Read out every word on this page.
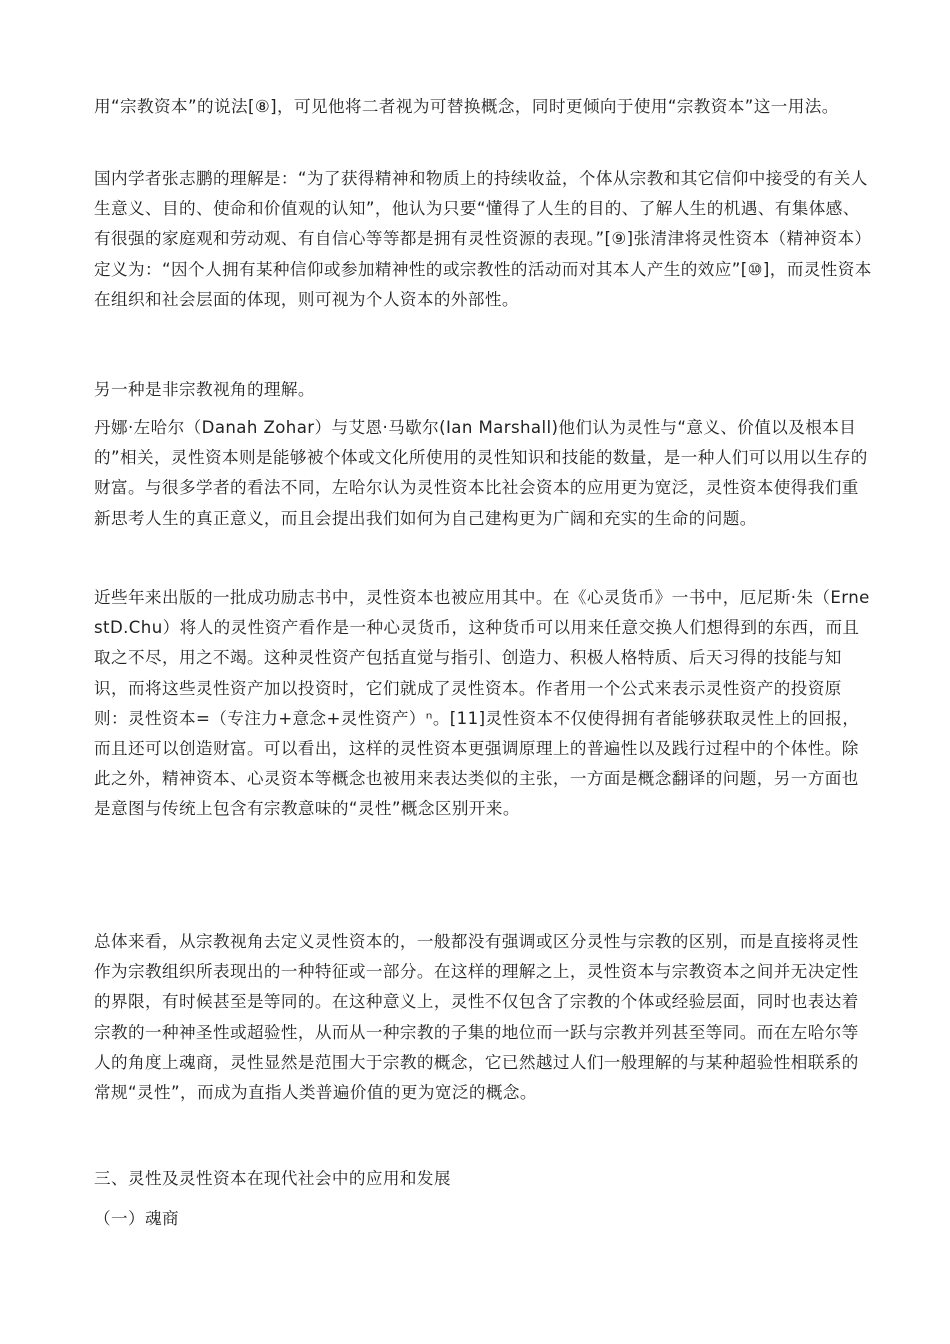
用“宗教资本”的说法[⑧]，可见他将二者视为可替换概念，同时更倾向于使用“宗教资本”这一用法。

国内学者张志鹏的理解是：“为了获得精神和物质上的持续收益，个体从宗教和其它信仰中接受的有关人生意义、目的、使命和价值观的认知”，他认为只要“懂得了人生的目的、了解人生的机遇、有集体感、有很强的家庭观和劳动观、有自信心等等都是拥有灵性资源的表现。”[⑨]张清津将灵性资本（精神资本）定义为：“因个人拥有某种信仰或参加精神性的或宗教性的活动而对其本人产生的效应”[⑩]，而灵性资本在组织和社会层面的体现，则可视为个人资本的外部性。

另一种是非宗教视角的理解。

丹娜·左哈尔（Danah Zohar）与艾恩·马歇尔(Ian Marshall)他们认为灵性与“意义、价值以及根本目的”相关，灵性资本则是能够被个体或文化所使用的灵性知识和技能的数量，是一种人们可以用以生存的财富。与很多学者的看法不同，左哈尔认为灵性资本比社会资本的应用更为宽泛，灵性资本使得我们重新思考人生的真正意义，而且会提出我们如何为自己建构更为广阔和充实的生命的问题。

近些年来出版的一批成功励志书中，灵性资本也被应用其中。在《心灵货币》一书中，厄尼斯·朱（ErnestD.Chu）将人的灵性资产看作是一种心灵货币，这种货币可以用来任意交换人们想得到的东西，而且取之不尽，用之不竭。这种灵性资产包括直觉与指引、创造力、积极人格特质、后天习得的技能与知识，而将这些灵性资产加以投资时，它们就成了灵性资本。作者用一个公式来表示灵性资产的投资原则：灵性资本=（专注力+意念+灵性资产）ⁿ。[11]灵性资本不仅使得拥有者能够获取灵性上的回报，而且还可以创造财富。可以看出，这样的灵性资本更强调原理上的普遍性以及践行过程中的个体性。除此之外，精神资本、心灵资本等概念也被用来表达类似的主张，一方面是概念翻译的问题，另一方面也是意图与传统上包含有宗教意味的“灵性”概念区别开来。

总体来看，从宗教视角去定义灵性资本的，一般都没有强调或区分灵性与宗教的区别，而是直接将灵性作为宗教组织所表现出的一种特征或一部分。在这样的理解之上，灵性资本与宗教资本之间并无决定性的界限，有时候甚至是等同的。在这种意义上，灵性不仅包含了宗教的个体或经验层面，同时也表达着宗教的一种神圣性或超验性，从而从一种宗教的子集的地位而一跃与宗教并列甚至等同。而在左哈尔等人的角度上魂商，灵性显然是范围大于宗教的概念，它已然越过人们一般理解的与某种超验性相联系的常规“灵性”，而成为直指人类普遍价值的更为宽泛的概念。

三、灵性及灵性资本在现代社会中的应用和发展

（一）魂商
